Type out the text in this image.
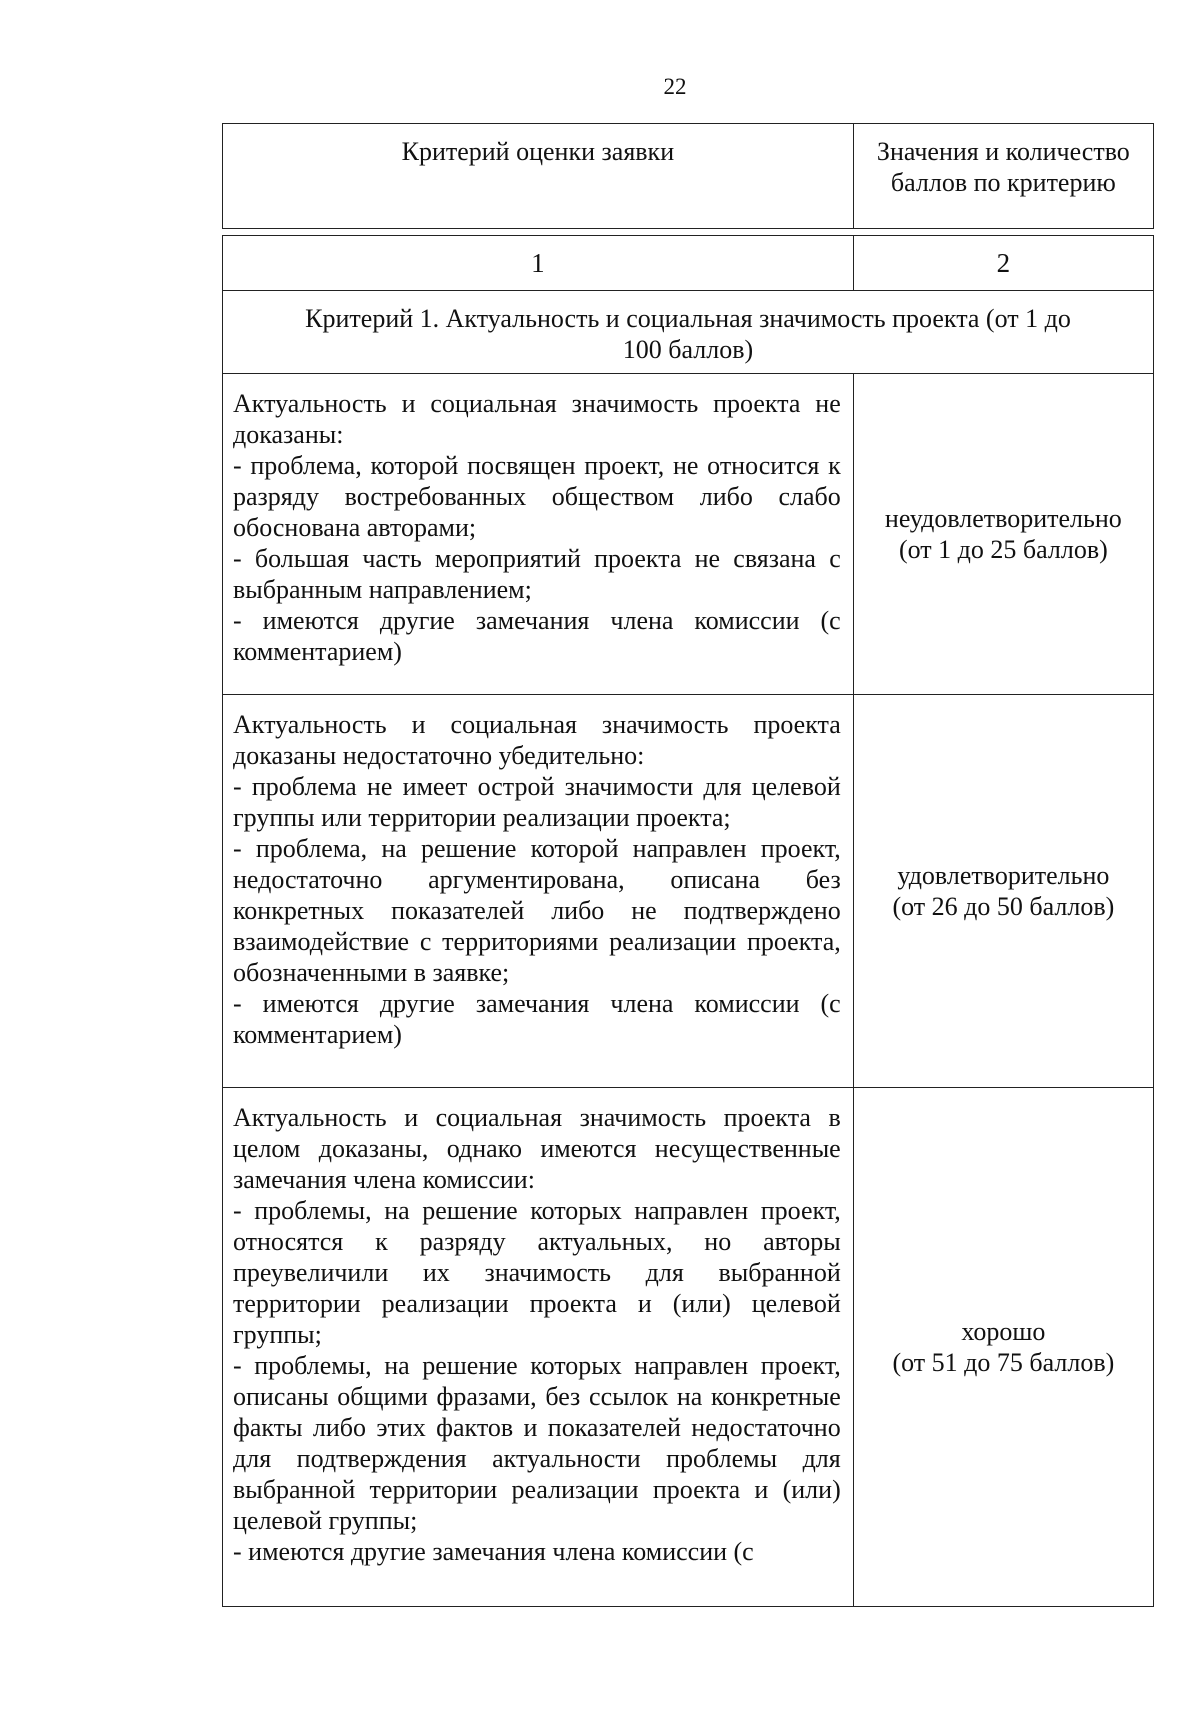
22
Критерий оценки заявки	Значения и количество
баллов по критерию

1	2

Критерий 1. Актуальность и социальная значимость проекта (от 1 до
100 баллов)	

Актуальность и социальная значимость проекта не доказаны:
- проблема, которой посвящен проект, не относится к разряду востребованных обществом либо слабо обоснована авторами;
- большая часть мероприятий проекта не связана с выбранным направлением;
- имеются другие замечания члена комиссии (с комментарием)	неудовлетворительно
(от 1 до 25 баллов)

Актуальность и социальная значимость проекта доказаны недостаточно убедительно:
- проблема не имеет острой значимости для целевой группы или территории реализации проекта;
- проблема, на решение которой направлен проект, недостаточно аргументирована, описана без конкретных показателей либо не подтверждено взаимодействие с территориями реализации проекта, обозначенными в заявке;
- имеются другие замечания члена комиссии (с комментарием)	удовлетворительно
(от 26 до 50 баллов)

Актуальность и социальная значимость проекта в целом доказаны, однако имеются несущественные замечания члена комиссии:
- проблемы, на решение которых направлен проект, относятся к разряду актуальных, но авторы преувеличили их значимость для выбранной территории реализации проекта и (или) целевой группы;
- проблемы, на решение которых направлен проект, описаны общими фразами, без ссылок на конкретные факты либо этих фактов и показателей недостаточно для подтверждения актуальности проблемы для выбранной территории реализации проекта и (или) целевой группы;
- имеются другие замечания члена комиссии (с	хорошо
(от 51 до 75 баллов)
